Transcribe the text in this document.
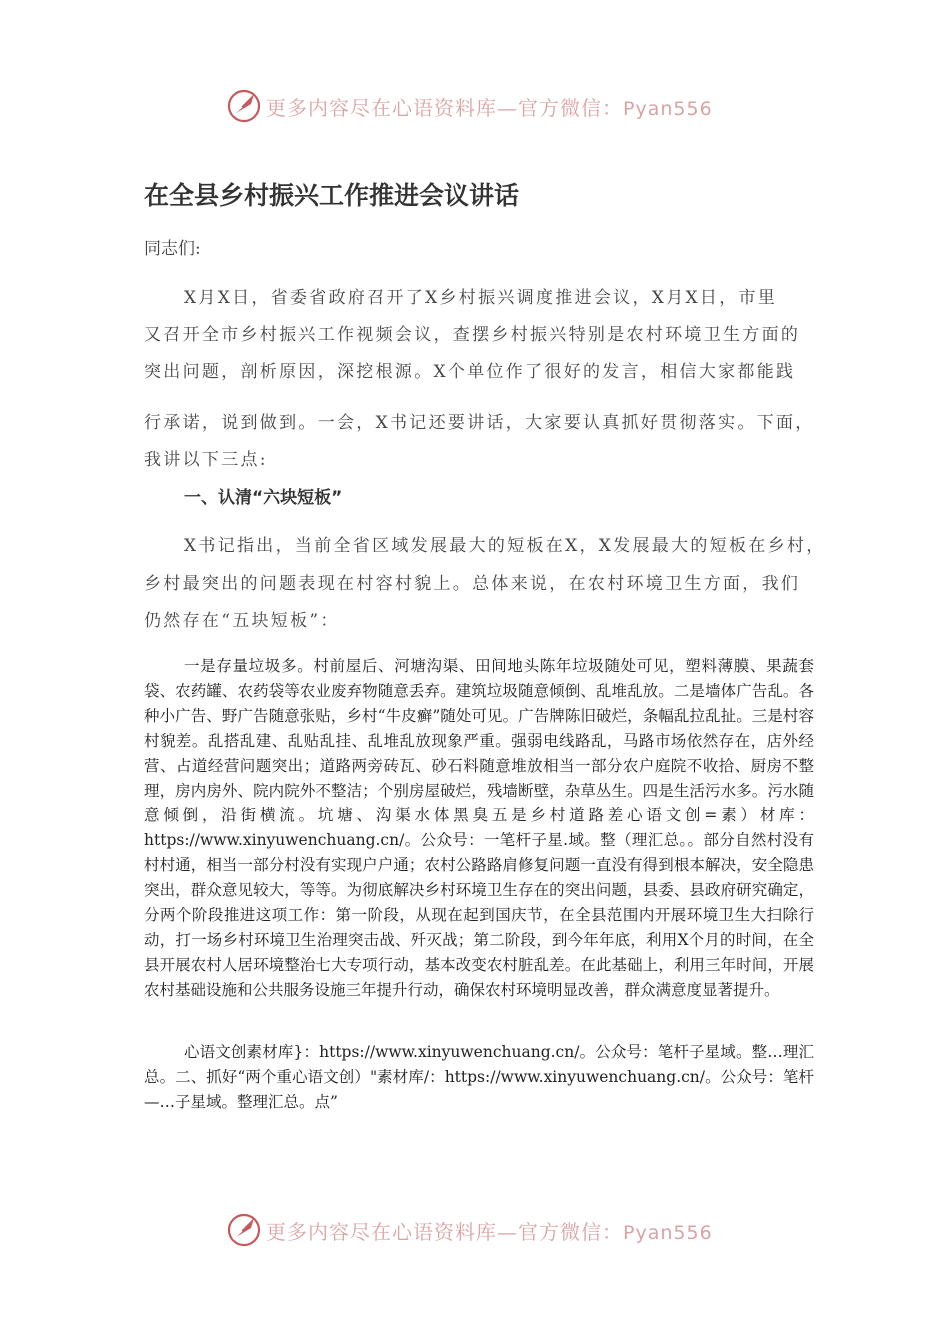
更多内容尽在心语资料库—官方微信：Pyan556
在全县乡村振兴工作推进会议讲话
同志们:
X月X日，省委省政府召开了X乡村振兴调度推进会议，X月X日，市里
又召开全市乡村振兴工作视频会议，查摆乡村振兴特别是农村环境卫生方面的
突出问题，剖析原因，深挖根源。X个单位作了很好的发言，相信大家都能践
行承诺，说到做到。一会，X书记还要讲话，大家要认真抓好贯彻落实。下面，
我讲以下三点:
一、认清“六块短板”
X书记指出，当前全省区域发展最大的短板在X，X发展最大的短板在乡村，
乡村最突出的问题表现在村容村貌上。总体来说，在农村环境卫生方面，我们
仍然存在“五块短板”：

一是存量垃圾多。村前屋后、河塘沟渠、田间地头陈年垃圾随处可见，塑料薄膜、果蔬套袋、农药罐、农药袋等农业废弃物随意丢弃。建筑垃圾随意倾倒、乱堆乱放。二是墙体广告乱。各种小广告、野广告随意张贴，乡村“牛皮癣”随处可见。广告牌陈旧破烂，条幅乱拉乱扯。三是村容村貌差。乱搭乱建、乱贴乱挂、乱堆乱放现象严重。强弱电线路乱，马路市场依然存在，店外经营、占道经营问题突出；道路两旁砖瓦、砂石料随意堆放相当一部分农户庭院不收拾、厨房不整理，房内房外、院内院外不整洁；个别房屋破烂，残墙断壁，杂草丛生。四是生活污水多。污水随意倾倒，沿街横流。坑塘、沟渠水体黑臭五是乡村道路差心语文创=素）材库：https://www.xinyuwenchuang.cn/。公众号：一笔杆子星.域。整（理汇总。。部分自然村没有村村通，相当一部分村没有实现户户通；农村公路路肩修复问题一直没有得到根本解决，安全隐患突出，群众意见较大，等等。为彻底解决乡村环境卫生存在的突出问题，县委、县政府研究确定，分两个阶段推进这项工作：第一阶段，从现在起到国庆节，在全县范围内开展环境卫生大扫除行动，打一场乡村环境卫生治理突击战、歼灭战；第二阶段，到今年年底，利用X个月的时间，在全县开展农村人居环境整治七大专项行动，基本改变农村脏乱差。在此基础上，利用三年时间，开展农村基础设施和公共服务设施三年提升行动，确保农村环境明显改善，群众满意度显著提升。

心语文创素材库}：https://www.xinyuwenchuang.cn/。公众号：笔杆子星域。整…理汇总。二、抓好“两个重心语文创）"素材库/：https://www.xinyuwenchuang.cn/。公众号：笔杆—…子星域。整理汇总。点”

更多内容尽在心语资料库—官方微信：Pyan556
